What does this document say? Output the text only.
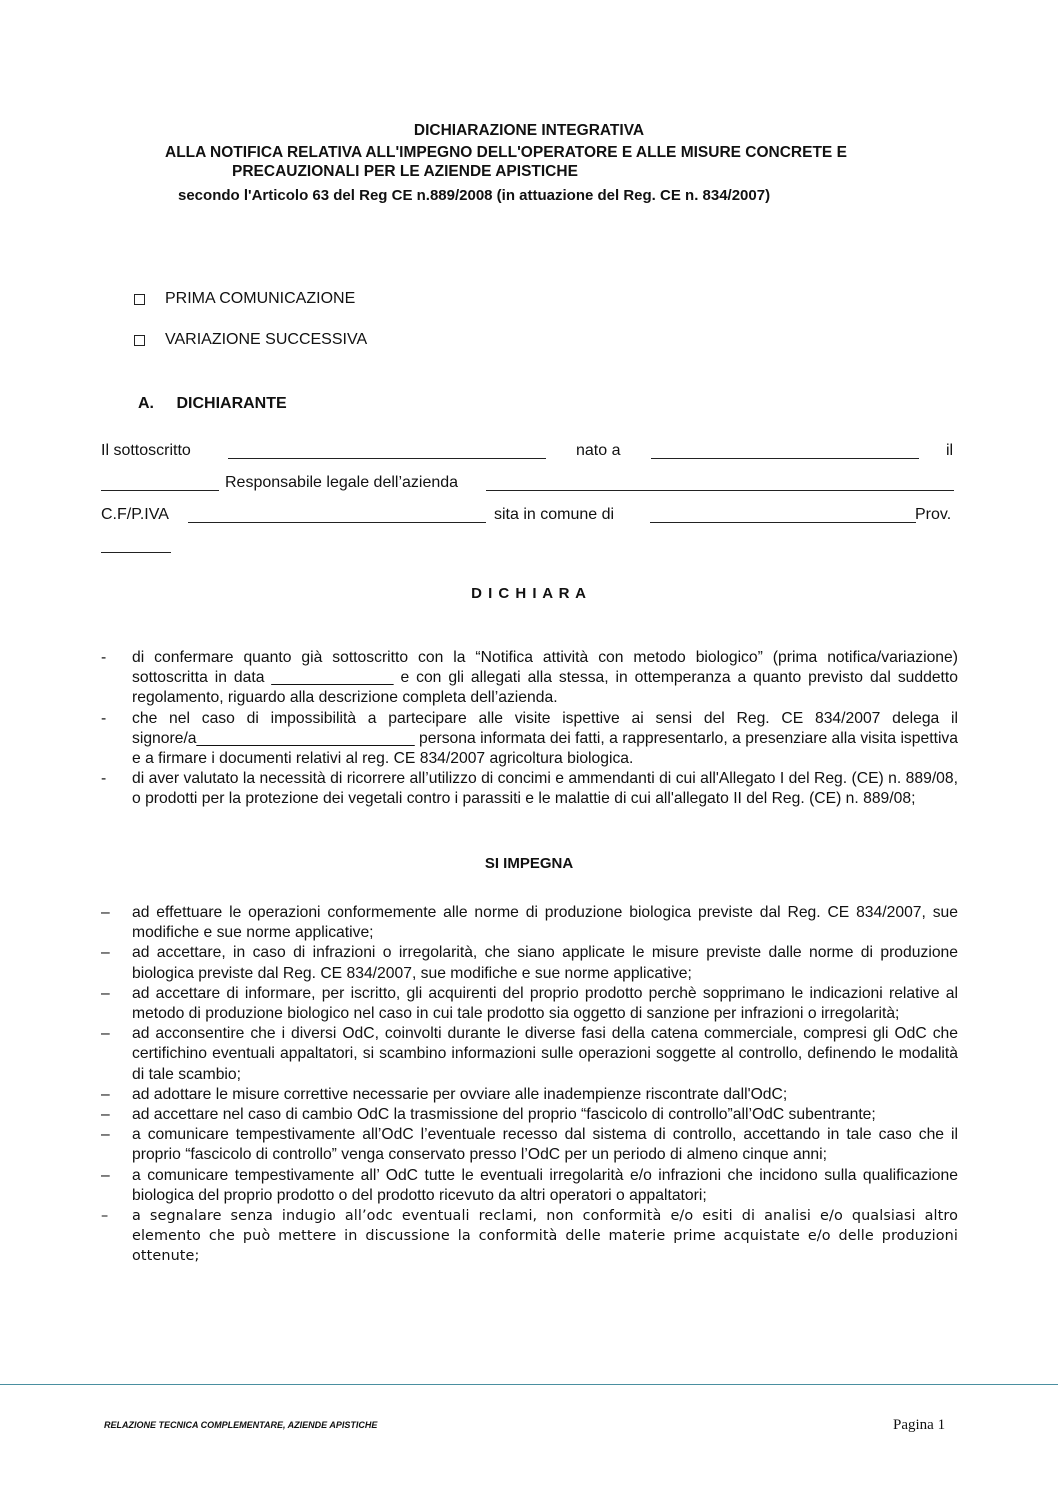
DICHIARAZIONE INTEGRATIVA
ALLA NOTIFICA RELATIVA ALL'IMPEGNO DELL'OPERATORE E ALLE MISURE CONCRETE E
PRECAUZIONALI PER LE AZIENDE APISTICHE
secondo l'Articolo 63 del Reg CE n.889/2008 (in attuazione del Reg. CE n. 834/2007)
PRIMA COMUNICAZIONE
VARIAZIONE SUCCESSIVA
A. DICHIARANTE
Il sottoscritto	nato a	il
Responsabile legale dell’azienda
C.F/P.IVA	sita in comune di	Prov.
D I C H I A R A
- di confermare quanto già sottoscritto con la “Notifica attività con metodo biologico” (prima notifica/variazione) sottoscritta in data ______________ e con gli allegati alla stessa, in ottemperanza a quanto previsto dal suddetto regolamento, riguardo alla descrizione completa dell’azienda.
- che nel caso di impossibilità a partecipare alle visite ispettive ai sensi del Reg. CE 834/2007 delega il signore/a_________________________ persona informata dei fatti, a rappresentarlo, a presenziare alla visita ispettiva e a firmare i documenti relativi al reg. CE 834/2007 agricoltura biologica.
- di aver valutato la necessità di ricorrere all’utilizzo di concimi e ammendanti di cui all'Allegato I del Reg. (CE) n. 889/08, o prodotti per la protezione dei vegetali contro i parassiti e le malattie di cui all'allegato II del Reg. (CE) n. 889/08;
SI IMPEGNA
– ad effettuare le operazioni conformemente alle norme di produzione biologica previste dal Reg. CE 834/2007, sue modifiche e sue norme applicative;
– ad accettare, in caso di infrazioni o irregolarità, che siano applicate le misure previste dalle norme di produzione biologica previste dal Reg. CE 834/2007, sue modifiche e sue norme applicative;
– ad accettare di informare, per iscritto, gli acquirenti del proprio prodotto perchè sopprimano le indicazioni relative al metodo di produzione biologico nel caso in cui tale prodotto sia oggetto di sanzione per infrazioni o irregolarità;
– ad acconsentire che i diversi OdC, coinvolti durante le diverse fasi della catena commerciale, compresi gli OdC che certifichino eventuali appaltatori, si scambino informazioni sulle operazioni soggette al controllo, definendo le modalità di tale scambio;
– ad adottare le misure correttive necessarie per ovviare alle inadempienze riscontrate dall'OdC;
– ad accettare nel caso di cambio OdC la trasmissione del proprio “fascicolo di controllo”all’OdC subentrante;
– a comunicare tempestivamente all’OdC l’eventuale recesso dal sistema di controllo, accettando in tale caso che il proprio “fascicolo di controllo” venga conservato presso l’OdC per un periodo di almeno cinque anni;
– a comunicare tempestivamente all’ OdC tutte le eventuali irregolarità e/o infrazioni che incidono sulla qualificazione biologica del proprio prodotto o del prodotto ricevuto da altri operatori o appaltatori;
– a segnalare senza indugio all’odc eventuali reclami, non conformità e/o esiti di analisi e/o qualsiasi altro elemento che può mettere in discussione la conformità delle materie prime acquistate e/o delle produzioni ottenute;
RELAZIONE TECNICA COMPLEMENTARE, AZIENDE APISTICHE	Pagina 1
